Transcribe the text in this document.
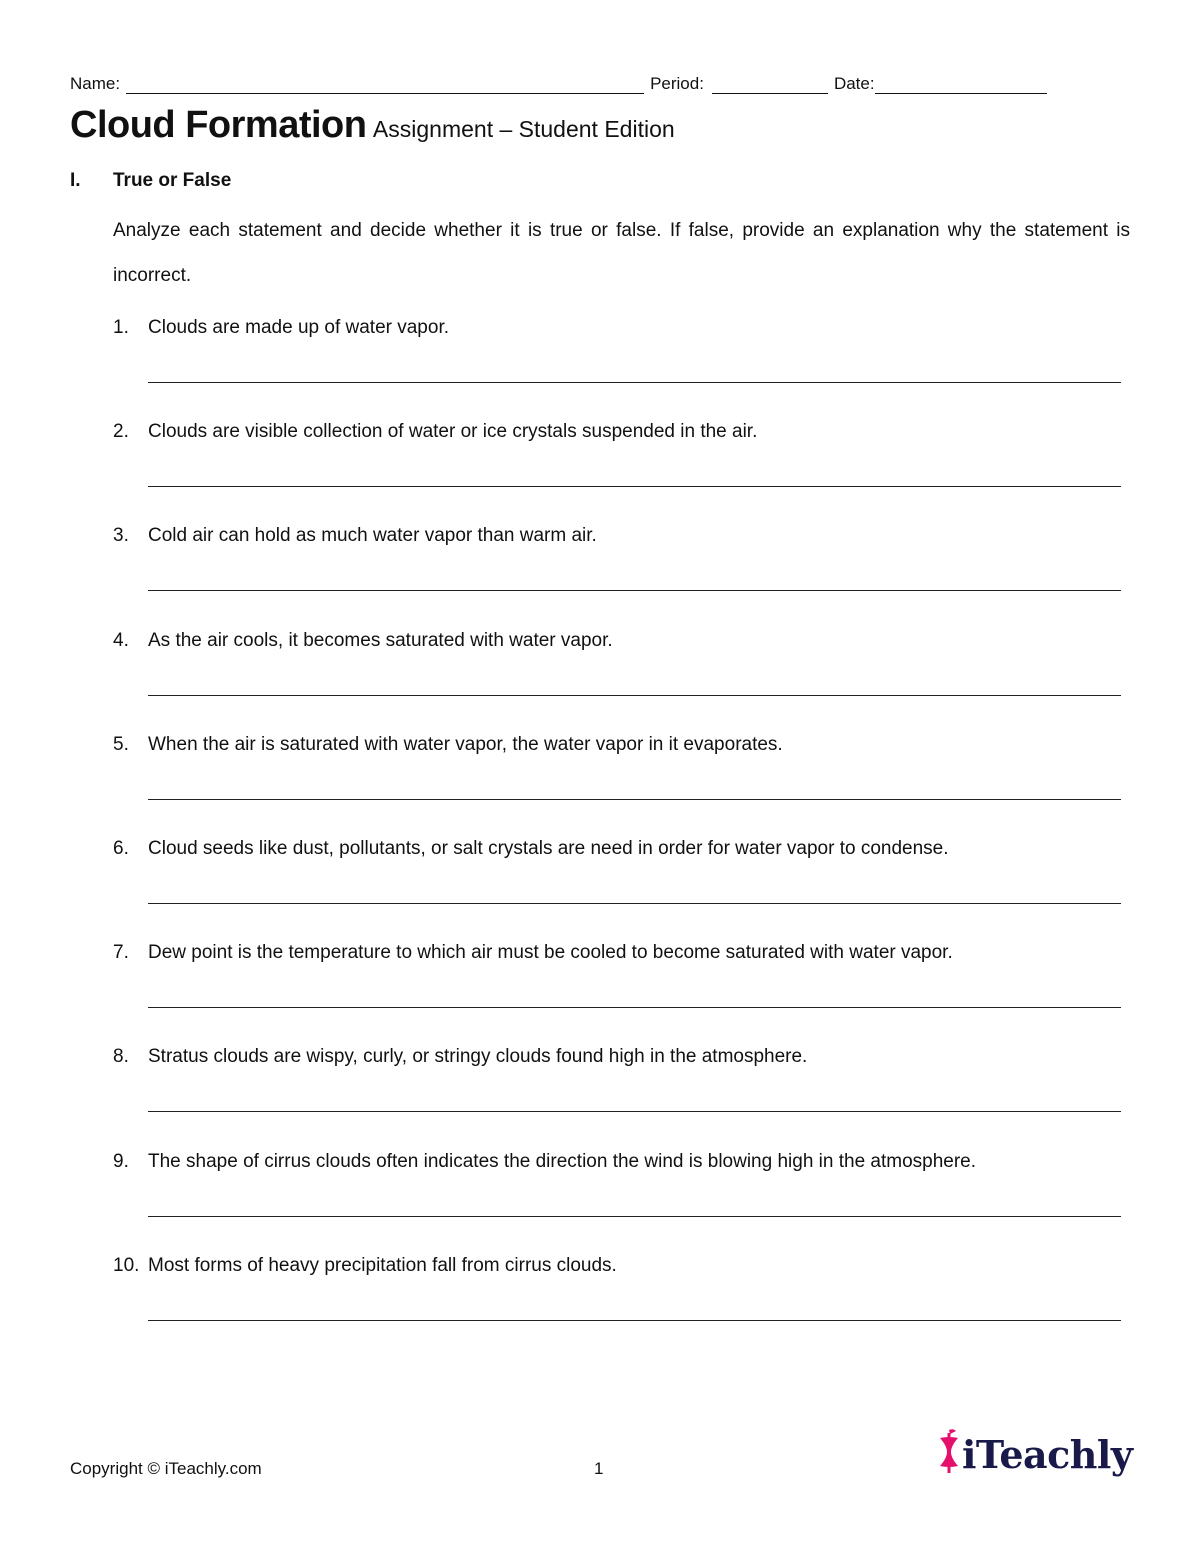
Name:	Period:	Date:
Cloud Formation Assignment – Student Edition
I. True or False

Analyze each statement and decide whether it is true or false. If false, provide an explanation why the statement is incorrect.

1. Clouds are made up of water vapor.
2. Clouds are visible collection of water or ice crystals suspended in the air.
3. Cold air can hold as much water vapor than warm air.
4. As the air cools, it becomes saturated with water vapor.
5. When the air is saturated with water vapor, the water vapor in it evaporates.
6. Cloud seeds like dust, pollutants, or salt crystals are need in order for water vapor to condense.
7. Dew point is the temperature to which air must be cooled to become saturated with water vapor.
8. Stratus clouds are wispy, curly, or stringy clouds found high in the atmosphere.
9. The shape of cirrus clouds often indicates the direction the wind is blowing high in the atmosphere.
10. Most forms of heavy precipitation fall from cirrus clouds.
Copyright © iTeachly.com	1	iTeachly
